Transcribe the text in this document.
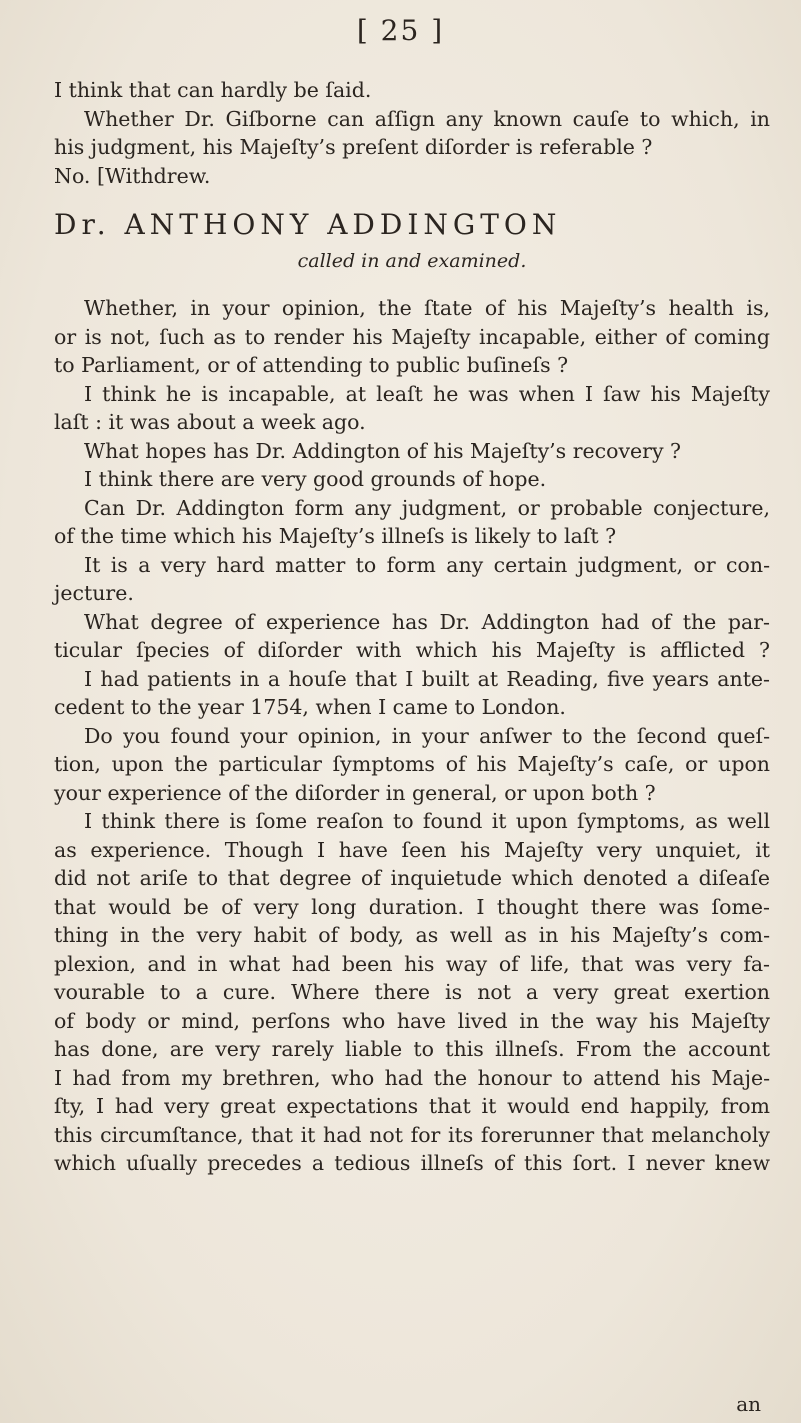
[ 25 ]
I think that can hardly be ſaid.
Whether Dr. Giſborne can aſſign any known cauſe to which, in
his judgment, his Majeſty’s preſent diſorder is referable ?
No. [Withdrew.
Dr. ANTHONY ADDINGTON
called in and examined.
Whether, in your opinion, the ſtate of his Majeſty’s health is,
or is not, ſuch as to render his Majeſty incapable, either of coming
to Parliament, or of attending to public buſineſs ?
I think he is incapable, at leaſt he was when I ſaw his Majeſty
laſt : it was about a week ago.
What hopes has Dr. Addington of his Majeſty’s recovery ?
I think there are very good grounds of hope.
Can Dr. Addington form any judgment, or probable conjecture,
of the time which his Majeſty’s illneſs is likely to laſt ?
It is a very hard matter to form any certain judgment, or con-
jecture.
What degree of experience has Dr. Addington had of the par-
ticular ſpecies of diſorder with which his Majeſty is afflicted ?
I had patients in a houſe that I built at Reading, five years ante-
cedent to the year 1754, when I came to London.
Do you found your opinion, in your anſwer to the ſecond queſ-
tion, upon the particular ſymptoms of his Majeſty’s caſe, or upon
your experience of the diſorder in general, or upon both ?
I think there is ſome reaſon to found it upon ſymptoms, as well
as experience. Though I have ſeen his Majeſty very unquiet, it
did not ariſe to that degree of inquietude which denoted a diſeaſe
that would be of very long duration. I thought there was ſome-
thing in the very habit of body, as well as in his Majeſty’s com-
plexion, and in what had been his way of life, that was very fa-
vourable to a cure. Where there is not a very great exertion
of body or mind, perſons who have lived in the way his Majeſty
has done, are very rarely liable to this illneſs. From the account
I had from my brethren, who had the honour to attend his Maje-
ſty, I had very great expectations that it would end happily, from
this circumſtance, that it had not for its forerunner that melancholy
which uſually precedes a tedious illneſs of this ſort. I never knew
an
